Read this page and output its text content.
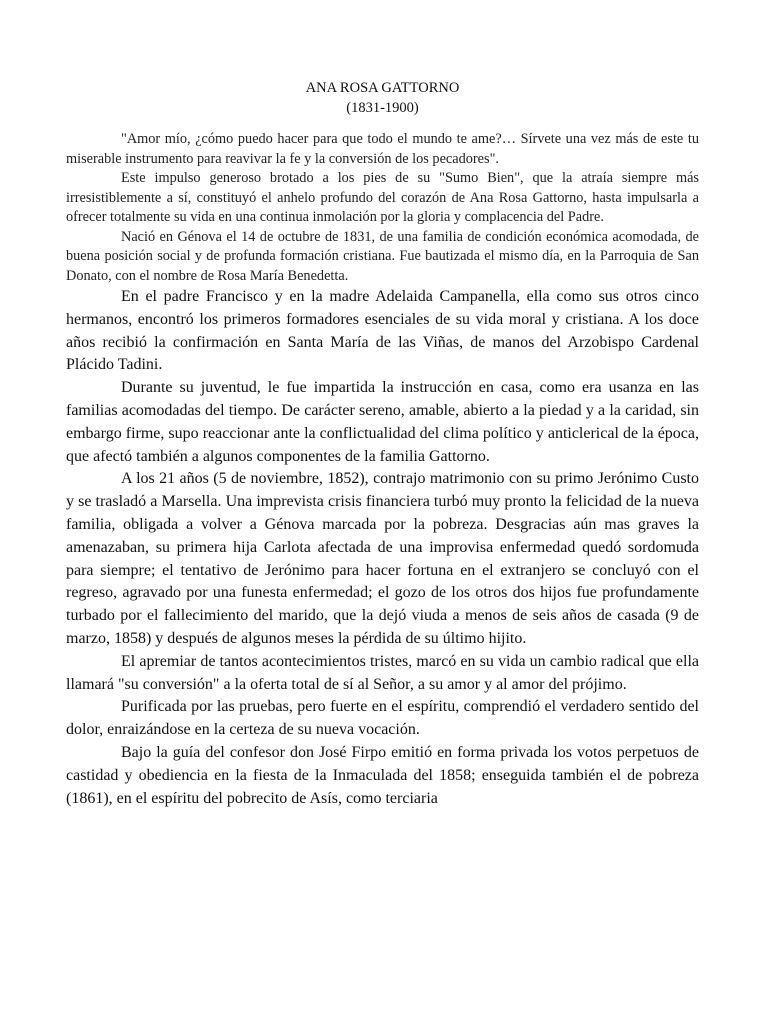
ANA ROSA GATTORNO
(1831-1900)

"Amor mío, ¿cómo puedo hacer para que todo el mundo te ame?… Sírvete una vez más de este tu miserable instrumento para reavivar la fe y la conversión de los pecadores".

Este impulso generoso brotado a los pies de su "Sumo Bien", que la atraía siempre más irresistiblemente a sí, constituyó el anhelo profundo del corazón de Ana Rosa Gattorno, hasta impulsarla a ofrecer totalmente su vida en una continua inmolación por la gloria y complacencia del Padre.

Nació en Génova el 14 de octubre de 1831, de una familia de condición económica acomodada, de buena posición social y de profunda formación cristiana. Fue bautizada el mismo día, en la Parroquia de San Donato, con el nombre de Rosa María Benedetta.

En el padre Francisco y en la madre Adelaida Campanella, ella como sus otros cinco hermanos, encontró los primeros formadores esenciales de su vida moral y cristiana. A los doce años recibió la confirmación en Santa María de las Viñas, de manos del Arzobispo Cardenal Plácido Tadini.

Durante su juventud, le fue impartida la instrucción en casa, como era usanza en las familias acomodadas del tiempo. De carácter sereno, amable, abierto a la piedad y a la caridad, sin embargo firme, supo reaccionar ante la conflictualidad del clima político y anticlerical de la época, que afectó también a algunos componentes de la familia Gattorno.

A los 21 años (5 de noviembre, 1852), contrajo matrimonio con su primo Jerónimo Custo y se trasladó a Marsella. Una imprevista crisis financiera turbó muy pronto la felicidad de la nueva familia, obligada a volver a Génova marcada por la pobreza. Desgracias aún mas graves la amenazaban, su primera hija Carlota afectada de una improvisa enfermedad quedó sordomuda para siempre; el tentativo de Jerónimo para hacer fortuna en el extranjero se concluyó con el regreso, agravado por una funesta enfermedad; el gozo de los otros dos hijos fue profundamente turbado por el fallecimiento del marido, que la dejó viuda a menos de seis años de casada (9 de marzo, 1858) y después de algunos meses la pérdida de su último hijito.

El apremiar de tantos acontecimientos tristes, marcó en su vida un cambio radical que ella llamará "su conversión" a la oferta total de sí al Señor, a su amor y al amor del prójimo.

Purificada por las pruebas, pero fuerte en el espíritu, comprendió el verdadero sentido del dolor, enraizándose en la certeza de su nueva vocación.

Bajo la guía del confesor don José Firpo emitió en forma privada los votos perpetuos de castidad y obediencia en la fiesta de la Inmaculada del 1858; enseguida también el de pobreza (1861), en el espíritu del pobrecito de Asís, como terciaria
